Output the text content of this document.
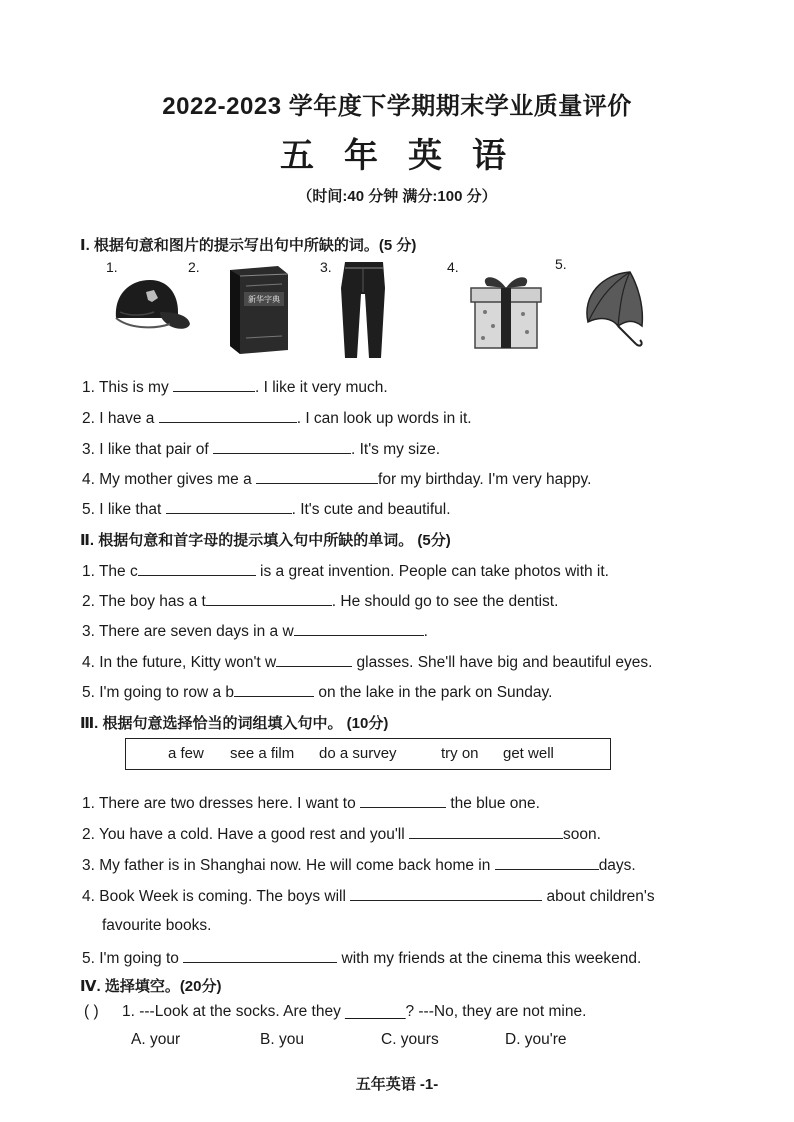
2022-2023 学年度下学期期末学业质量评价
五年英语
（时间:40 分钟 满分:100 分）
Ⅰ. 根据句意和图片的提示写出句中所缺的词。(5 分)
1.	2.	3.	4.	5.
新华字典
1. This is my	. I like it very much.
2. I have a	. I can look up words in it.
3. I like that pair of	. It's my size.
4. My mother gives me a	for my birthday. I'm very happy.
5. I like that	. It's cute and beautiful.
Ⅱ. 根据句意和首字母的提示填入句中所缺的单词。 (5分)
1. The c	is a great invention. People can take photos with it.
2. The boy has a t	. He should go to see the dentist.
3. There are seven days in a w	.
4. In the future, Kitty won't w	glasses. She'll have big and beautiful eyes.
5. I'm going to row a b	on the lake in the park on Sunday.
Ⅲ. 根据句意选择恰当的词组填入句中。 (10分)
a few see a film do a survey	try on get well
1. There are two dresses here. I want to	the blue one.
2. You have a cold. Have a good rest and you'll	soon.
3. My father is in Shanghai now. He will come back home in	days.
4. Book Week is coming. The boys will	about children's
favourite books.
5. I'm going to	with my friends at the cinema this weekend.
Ⅳ. 选择填空。(20分)
( ) 1. ---Look at the socks. Are they _______? ---No, they are not mine.
A. your	B. you	C. yours	D. you're
五年英语 -1-
